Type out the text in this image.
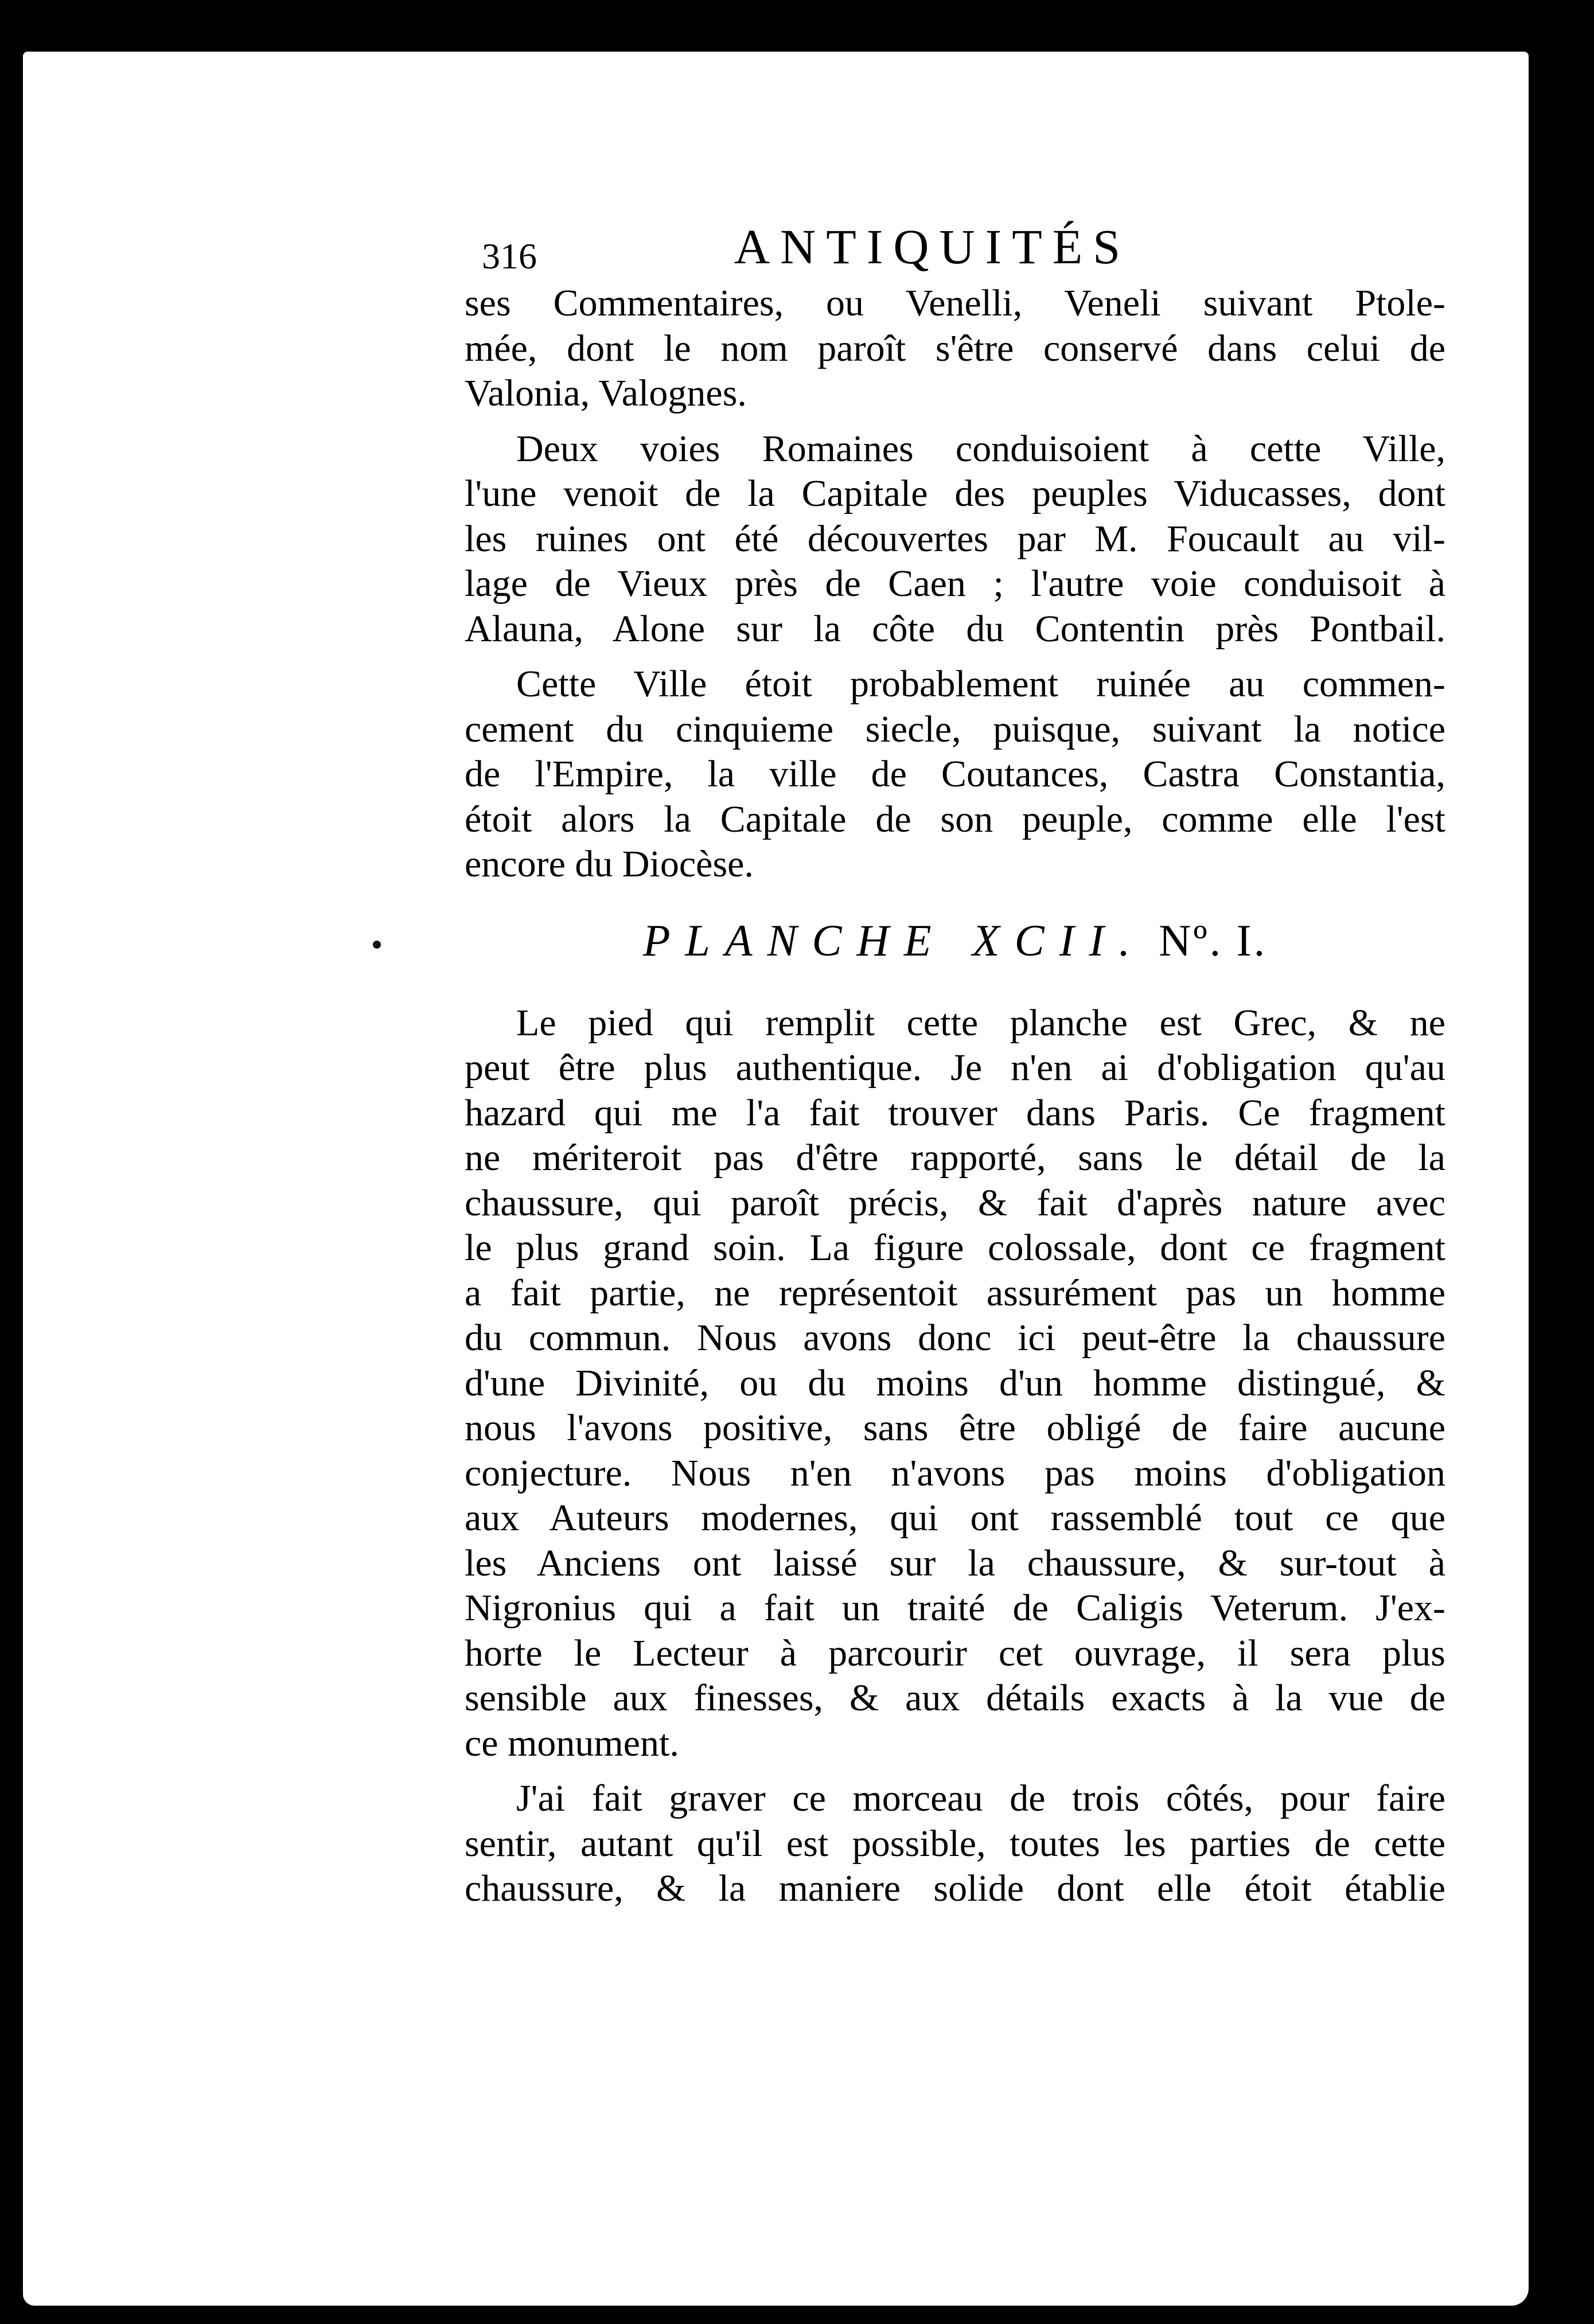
316	ANTIQUITÉS

ses Commentaires, ou Venelli, Veneli suivant Ptole-
mée, dont le nom paroît s'être conservé dans celui de
Valonia, Valognes.

Deux voies Romaines conduisoient à cette Ville,
l'une venoit de la Capitale des peuples Viducasses, dont
les ruines ont été découvertes par M. Foucault au vil-
lage de Vieux près de Caen ; l'autre voie conduisoit à
Alauna, Alone sur la côte du Contentin près Pontbail.

Cette Ville étoit probablement ruinée au commen-
cement du cinquieme siecle, puisque, suivant la notice
de l'Empire, la ville de Coutances, Castra Constantia,
étoit alors la Capitale de son peuple, comme elle l'est
encore du Diocèse.

PLANCHE XCII. Nº. I.

Le pied qui remplit cette planche est Grec, & ne
peut être plus authentique. Je n'en ai d'obligation qu'au
hazard qui me l'a fait trouver dans Paris. Ce fragment
ne mériteroit pas d'être rapporté, sans le détail de la
chaussure, qui paroît précis, & fait d'après nature avec
le plus grand soin. La figure colossale, dont ce fragment
a fait partie, ne représentoit assurément pas un homme
du commun. Nous avons donc ici peut-être la chaussure
d'une Divinité, ou du moins d'un homme distingué, &
nous l'avons positive, sans être obligé de faire aucune
conjecture. Nous n'en n'avons pas moins d'obligation
aux Auteurs modernes, qui ont rassemblé tout ce que
les Anciens ont laissé sur la chaussure, & sur-tout à
Nigronius qui a fait un traité de Caligis Veterum. J'ex-
horte le Lecteur à parcourir cet ouvrage, il sera plus
sensible aux finesses, & aux détails exacts à la vue de
ce monument.

J'ai fait graver ce morceau de trois côtés, pour faire
sentir, autant qu'il est possible, toutes les parties de cette
chaussure, & la maniere solide dont elle étoit établie
